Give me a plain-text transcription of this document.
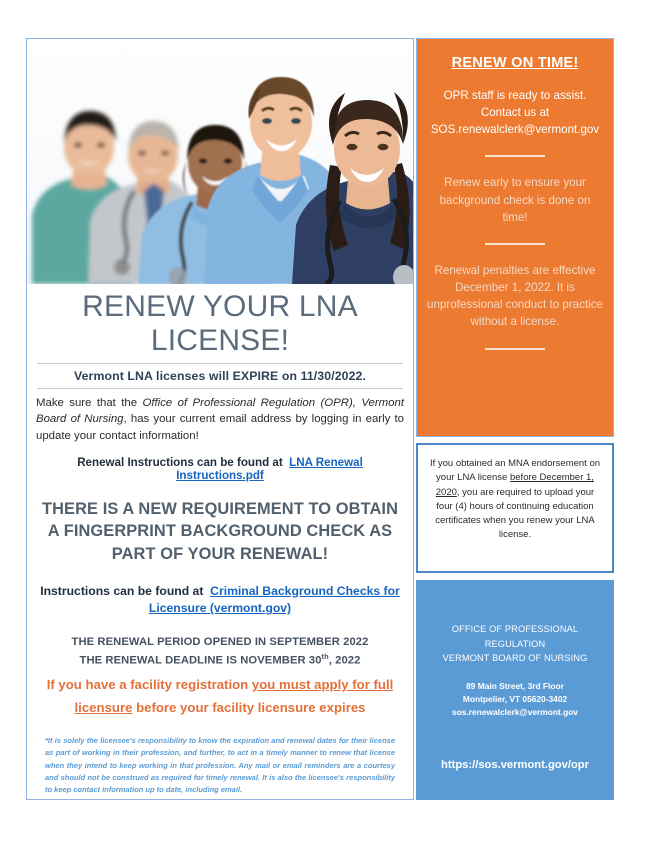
RENEW YOUR LNA LICENSE!
Vermont LNA licenses will EXPIRE on 11/30/2022.

Make sure that the Office of Professional Regulation (OPR), Vermont Board of Nursing, has your current email address by logging in early to update your contact information!

Renewal Instructions can be found at LNA Renewal Instructions.pdf

THERE IS A NEW REQUIREMENT TO OBTAIN A FINGERPRINT BACKGROUND CHECK AS PART OF YOUR RENEWAL!

Instructions can be found at Criminal Background Checks for Licensure (vermont.gov)

THE RENEWAL PERIOD OPENED IN SEPTEMBER 2022
THE RENEWAL DEADLINE IS NOVEMBER 30th, 2022
If you have a facility registration you must apply for full licensure before your facility licensure expires

*It is solely the licensee's responsibility to know the expiration and renewal dates for their license as part of working in their profession, and further, to act in a timely manner to renew that license when they intend to keep working in that profession. Any mail or email reminders are a courtesy and should not be construed as required for timely renewal. It is also the licensee's responsibility to keep contact information up to date, including email.

RENEW ON TIME!

OPR staff is ready to assist.
Contact us at
SOS.renewalclerk@vermont.gov

Renew early to ensure your background check is done on time!

Renewal penalties are effective December 1, 2022. It is unprofessional conduct to practice without a license.

If you obtained an MNA endorsement on your LNA license before December 1, 2020, you are required to upload your four (4) hours of continuing education certificates when you renew your LNA license.

OFFICE OF PROFESSIONAL REGULATION
VERMONT BOARD OF NURSING
89 Main Street, 3rd Floor
Montpelier, VT 05620-3402
sos.renewalclerk@vermont.gov
https://sos.vermont.gov/opr
